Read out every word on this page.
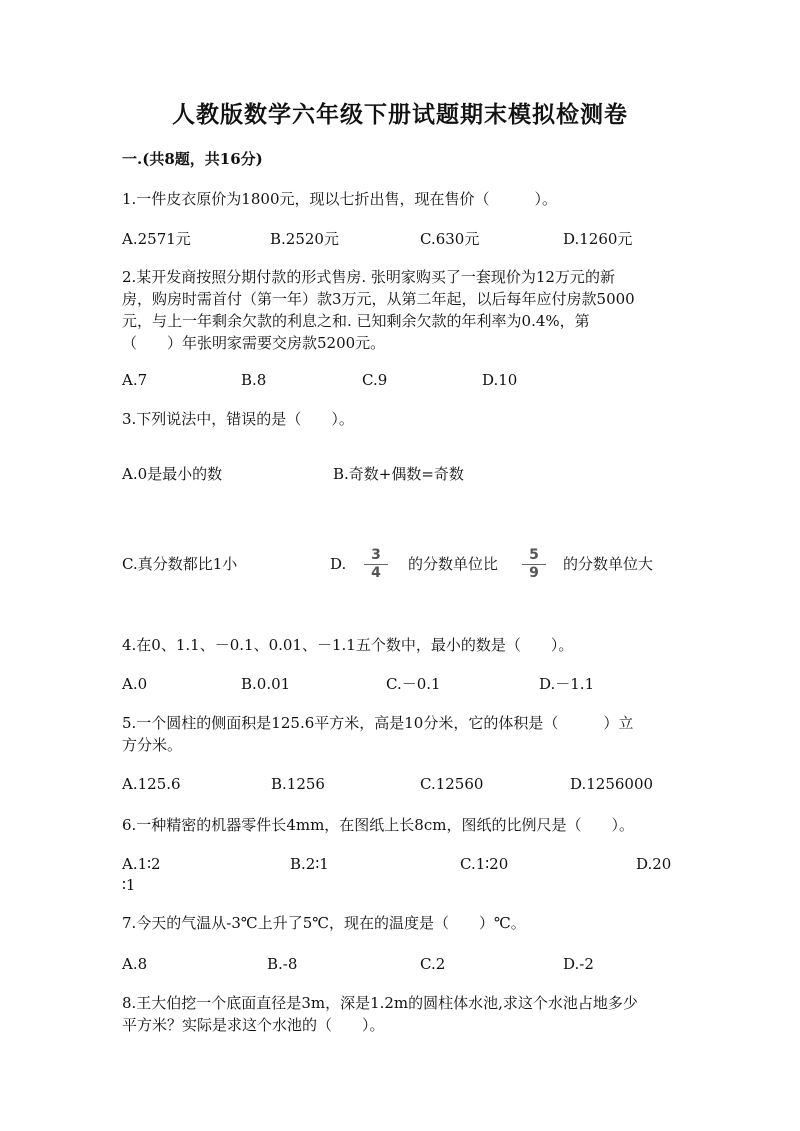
人教版数学六年级下册试题期末模拟检测卷
一.(共8题，共16分)
1.一件皮衣原价为1800元，现以七折出售，现在售价（　　　）。
A.2571元	B.2520元	C.630元	D.1260元
2.某开发商按照分期付款的形式售房. 张明家购买了一套现价为12万元的新
房，购房时需首付（第一年）款3万元，从第二年起，以后每年应付房款5000
元，与上一年剩余欠款的利息之和. 已知剩余欠款的年利率为0.4%，第
（　　）年张明家需要交房款5200元。
A.7	B.8	C.9	D.10
3.下列说法中，错误的是（　　）。
A.0是最小的数	B.奇数+偶数=奇数
C.真分数都比1小	D. $\frac{3}{4}$ 的分数单位比 $\frac{5}{9}$ 的分数单位大
4.在0、1.1、－0.1、0.01、－1.1五个数中，最小的数是（　　）。
A.0	B.0.01	C.－0.1	D.－1.1
5.一个圆柱的侧面积是125.6平方米，高是10分米，它的体积是（　　　）立
方分米。
A.125.6	B.1256	C.12560	D.1256000
6.一种精密的机器零件长4mm，在图纸上长8cm，图纸的比例尺是（　　）。
A.1∶2	B.2∶1	C.1∶20	D.20
∶1
7.今天的气温从-3℃上升了5℃，现在的温度是（　　）℃。
A.8	B.-8	C.2	D.-2
8.王大伯挖一个底面直径是3m，深是1.2m的圆柱体水池,求这个水池占地多少
平方米？实际是求这个水池的（　　）。
